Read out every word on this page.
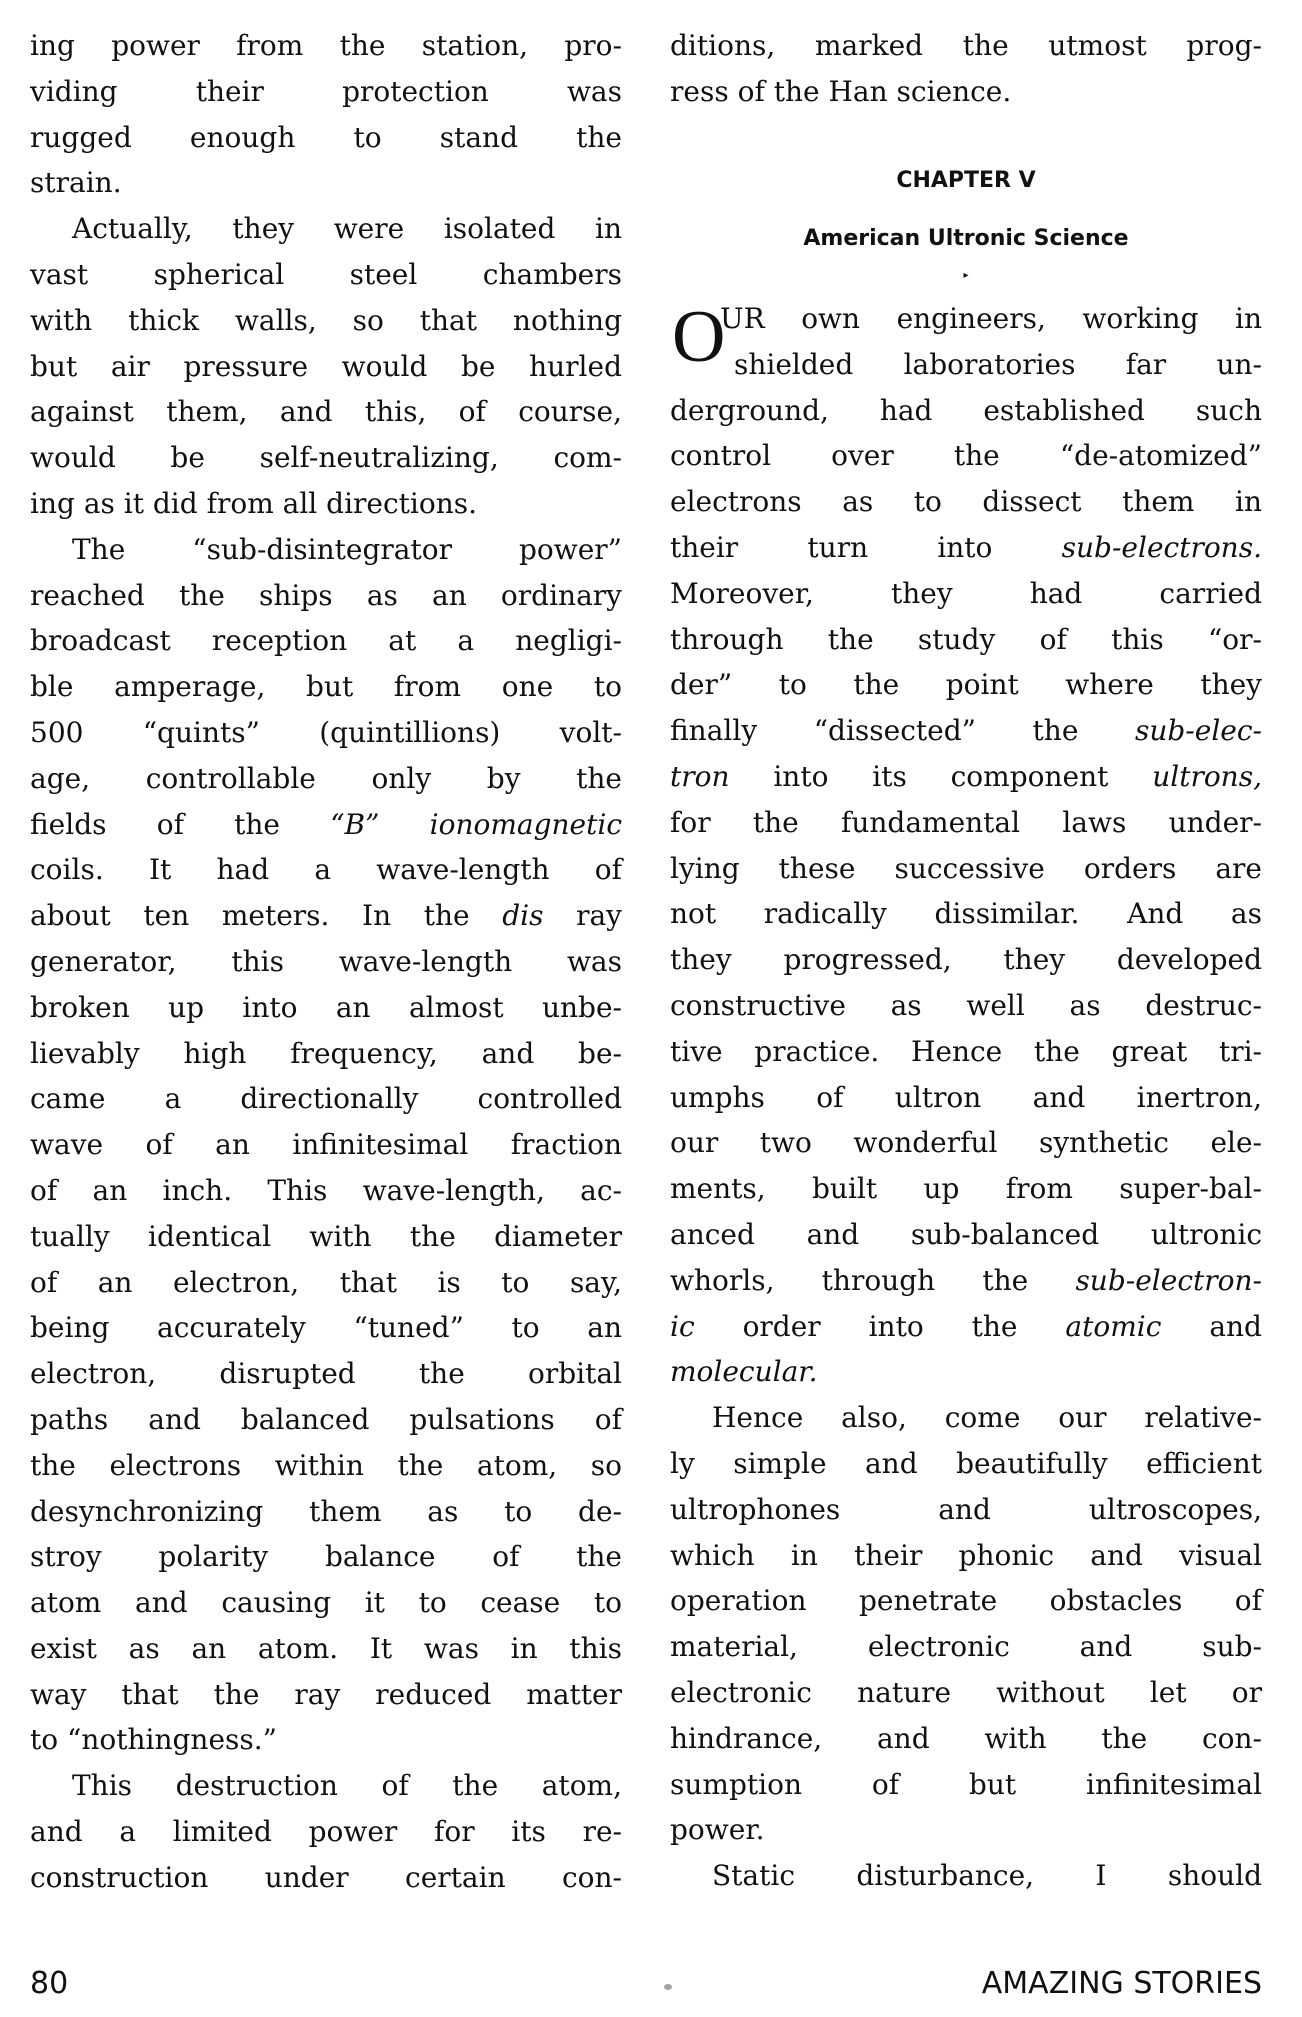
ing power from the station, pro-
viding their protection was
rugged enough to stand the
strain.
Actually, they were isolated in
vast spherical steel chambers
with thick walls, so that nothing
but air pressure would be hurled
against them, and this, of course,
would be self-neutralizing, com-
ing as it did from all directions.
The “sub-disintegrator power”
reached the ships as an ordinary
broadcast reception at a negligi-
ble amperage, but from one to
500 “quints” (quintillions) volt-
age, controllable only by the
fields of the “B” ionomagnetic
coils. It had a wave-length of
about ten meters. In the dis ray
generator, this wave-length was
broken up into an almost unbe-
lievably high frequency, and be-
came a directionally controlled
wave of an infinitesimal fraction
of an inch. This wave-length, ac-
tually identical with the diameter
of an electron, that is to say,
being accurately “tuned” to an
electron, disrupted the orbital
paths and balanced pulsations of
the electrons within the atom, so
desynchronizing them as to de-
stroy polarity balance of the
atom and causing it to cease to
exist as an atom. It was in this
way that the ray reduced matter
to “nothingness.”
This destruction of the atom,
and a limited power for its re-
construction under certain con-
ditions, marked the utmost prog-
ress of the Han science.
CHAPTER V
American Ultronic Science
▸
O
UR own engineers, working in
shielded laboratories far un-
derground, had established such
control over the “de-atomized”
electrons as to dissect them in
their turn into sub-electrons.
Moreover, they had carried
through the study of this “or-
der” to the point where they
finally “dissected” the sub-elec-
tron into its component ultrons,
for the fundamental laws under-
lying these successive orders are
not radically dissimilar. And as
they progressed, they developed
constructive as well as destruc-
tive practice. Hence the great tri-
umphs of ultron and inertron,
our two wonderful synthetic ele-
ments, built up from super-bal-
anced and sub-balanced ultronic
whorls, through the sub-electron-
ic order into the atomic and
molecular.
Hence also, come our relative-
ly simple and beautifully efficient
ultrophones and ultroscopes,
which in their phonic and visual
operation penetrate obstacles of
material, electronic and sub-
electronic nature without let or
hindrance, and with the con-
sumption of but infinitesimal
power.
Static disturbance, I should
80	AMAZING STORIES
